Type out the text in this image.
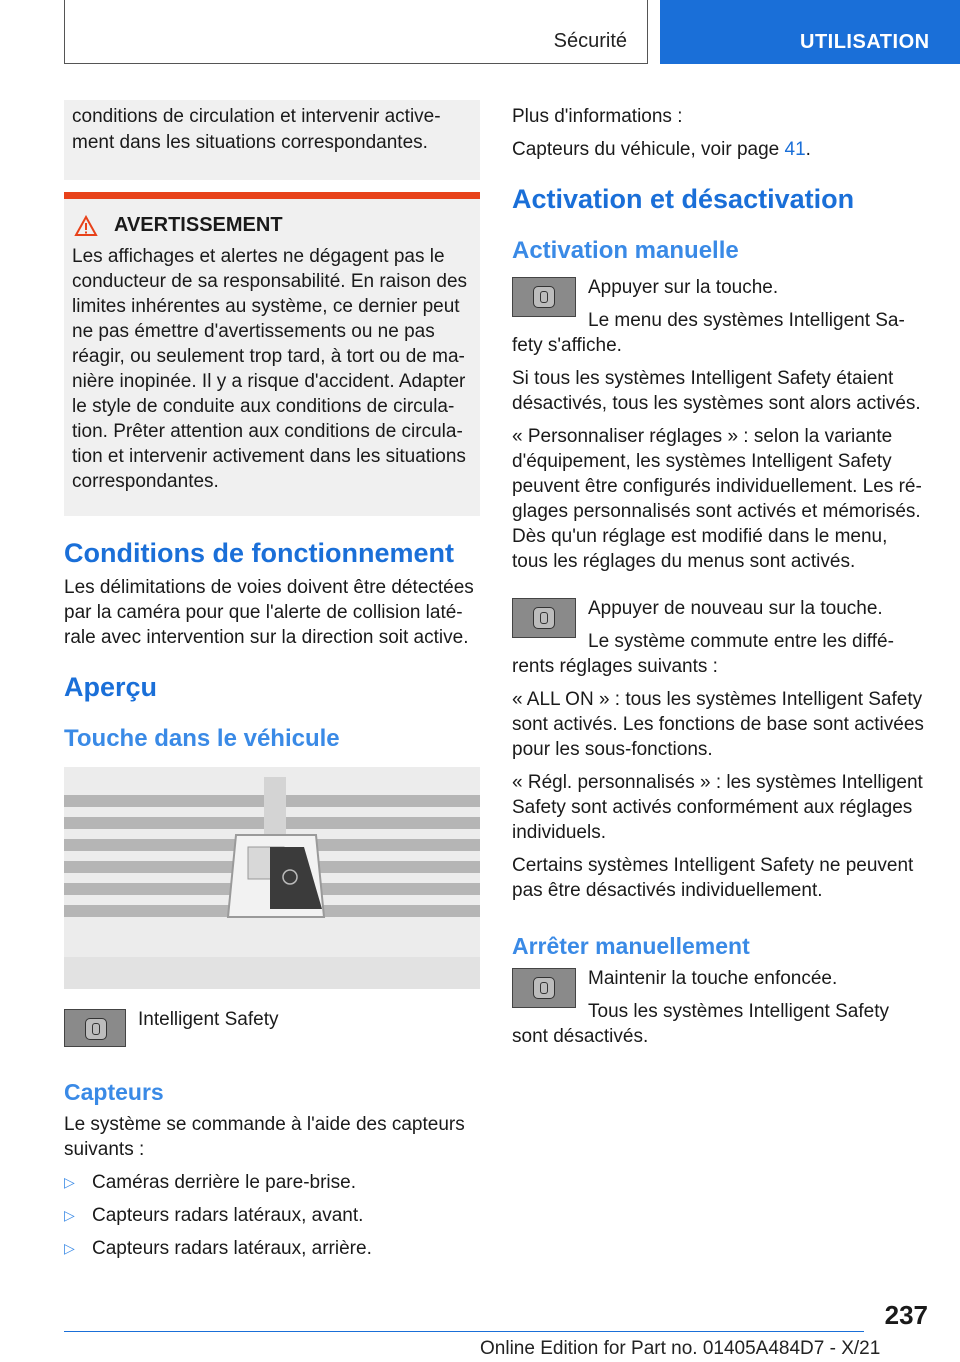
Sécurité	UTILISATION
conditions de circulation et intervenir active-ment dans les situations correspondantes.
AVERTISSEMENT
Les affichages et alertes ne dégagent pas le conducteur de sa responsabilité. En raison des limites inhérentes au système, ce dernier peut ne pas émettre d'avertissements ou ne pas réagir, ou seulement trop tard, à tort ou de ma-nière inopinée. Il y a risque d'accident. Adapter le style de conduite aux conditions de circula-tion. Prêter attention aux conditions de circula-tion et intervenir activement dans les situations correspondantes.
Conditions de fonctionnement

Les délimitations de voies doivent être détectées par la caméra pour que l'alerte de collision laté-rale avec intervention sur la direction soit active.

Aperçu
Touche dans le véhicule
Intelligent Safety
Capteurs

Le système se commande à l'aide des capteurs suivants :

▷ Caméras derrière le pare-brise.
▷ Capteurs radars latéraux, avant.
▷ Capteurs radars latéraux, arrière.

Plus d'informations :

Capteurs du véhicule, voir page 41.

Activation et désactivation
Activation manuelle

Appuyer sur la touche.

Le menu des systèmes Intelligent Sa-fety s'affiche.

Si tous les systèmes Intelligent Safety étaient désactivés, tous les systèmes sont alors activés.

« Personnaliser réglages » : selon la variante d'équipement, les systèmes Intelligent Safety peuvent être configurés individuellement. Les ré-glages personnalisés sont activés et mémorisés. Dès qu'un réglage est modifié dans le menu, tous les réglages du menus sont activés.

Appuyer de nouveau sur la touche.

Le système commute entre les diffé-rents réglages suivants :

« ALL ON » : tous les systèmes Intelligent Safety sont activés. Les fonctions de base sont activées pour les sous-fonctions.

« Régl. personnalisés » : les systèmes Intelligent Safety sont activés conformément aux réglages individuels.

Certains systèmes Intelligent Safety ne peuvent pas être désactivés individuellement.

Arrêter manuellement

Maintenir la touche enfoncée.

Tous les systèmes Intelligent Safety sont désactivés.

237
Online Edition for Part no. 01405A484D7 - X/21
